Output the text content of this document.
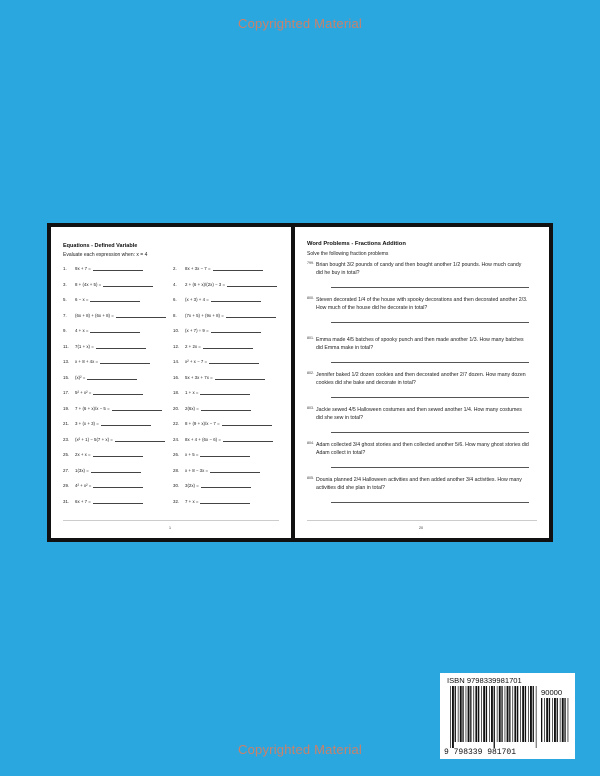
Copyrighted Material
Equations - Defined Variable
Evaluate each expression when: x = 4
1.	9x + 7 =	2.	8x + 3x − 7 =
3.	8 + (4x + 5) =	4.	2 + (6 + x)/(2x) − 3 =
5.	6 − x =	6.	(x + 3) + 4 =
7.	(6x + 8) + (6x + 8) =	8.	(7x + 5) + (9x + 8) =
9.	4 + x =	10.	(x + 7) ÷ 9 =
11.	7(1 + x) =	12.	2 + 2x =
13.	x + 8 + 4x =	14.	x² + x − 7 =
15.	(x)² =	16.	5x + 3x + 7x =
17.	5² + x² =	18.	1 + x =
19.	7 + (6 + x)/x − 5 =	20.	2(6x) =
21.	3 + (x + 3) =	22.	8 + (9 + x)/x − 7 =
23.	(x² + 1) − 5(7 + x) =	24.	8x + 4 + (6x − 6) =
25.	2x + x =	26.	x + 5 =
27.	1(3x) =	28.	x + 8 − 3x =
29.	4² + x² =	30.	3(2x) =
31.	6x + 7 =	32.	7 + x =
1
Word Problems - Fractions Addition
Solve the following fraction problems
799. Brian bought 3/2 pounds of candy and then bought another 1/2 pounds. How much candy did he buy in total?
800. Steven decorated 1/4 of the house with spooky decorations and then decorated another 2/3. How much of the house did he decorate in total?
801. Emma made 4/5 batches of spooky punch and then made another 1/3. How many batches did Emma make in total?
802. Jennifer baked 1/2 dozen cookies and then decorated another 2/7 dozen. How many dozen cookies did she bake and decorate in total?
803. Jackie sewed 4/5 Halloween costumes and then sewed another 1/4. How many costumes did she sew in total?
804. Adam collected 3/4 ghost stories and then collected another 5/6. How many ghost stories did Adam collect in total?
805. Dounia planned 2/4 Halloween activities and then added another 3/4 activities. How many activities did she plan in total?
20
ISBN 9798339981701
90000
9 798339 981701
Copyrighted Material
